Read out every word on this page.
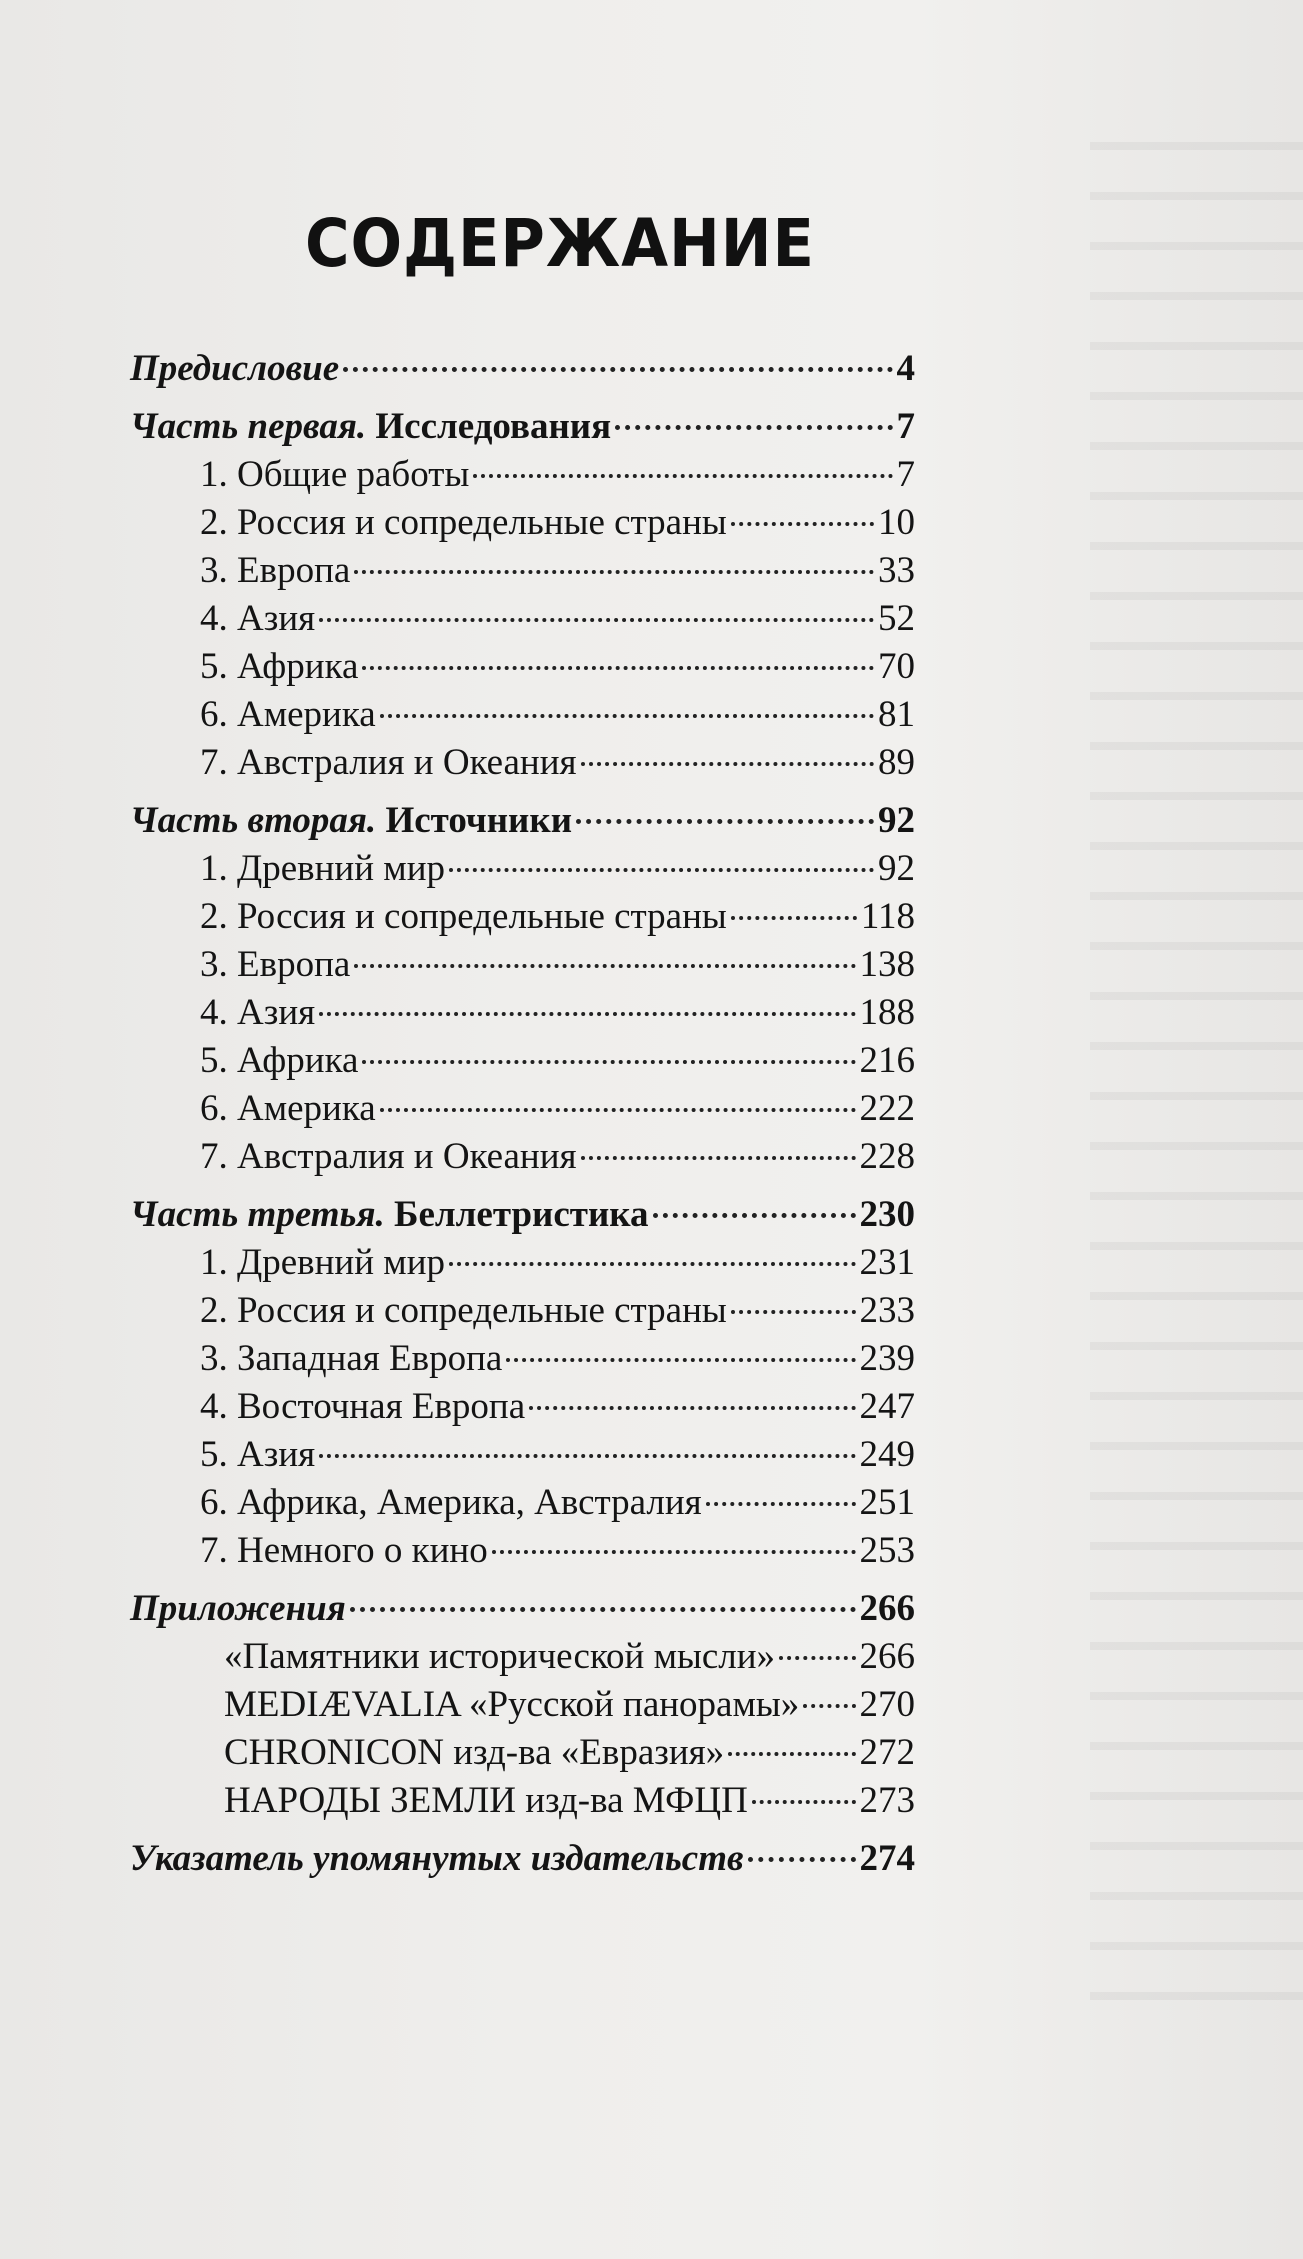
СОДЕРЖАНИЕ
Предисловие	4
Часть первая. Исследования	7
1. Общие работы	7
2. Россия и сопредельные страны	10
3. Европа	33
4. Азия	52
5. Африка	70
6. Америка	81
7. Австралия и Океания	89
Часть вторая. Источники	92
1. Древний мир	92
2. Россия и сопредельные страны	118
3. Европа	138
4. Азия	188
5. Африка	216
6. Америка	222
7. Австралия и Океания	228
Часть третья. Беллетристика	230
1. Древний мир	231
2. Россия и сопредельные страны	233
3. Западная Европа	239
4. Восточная Европа	247
5. Азия	249
6. Африка, Америка, Австралия	251
7. Немного о кино	253
Приложения	266
«Памятники исторической мысли» 266
MEDIÆVALIA «Русской панорамы» 270
CHRONICON изд-ва «Евразия»	272
НАРОДЫ ЗЕМЛИ изд-ва МФЦП	273
Указатель упомянутых издательств	274
